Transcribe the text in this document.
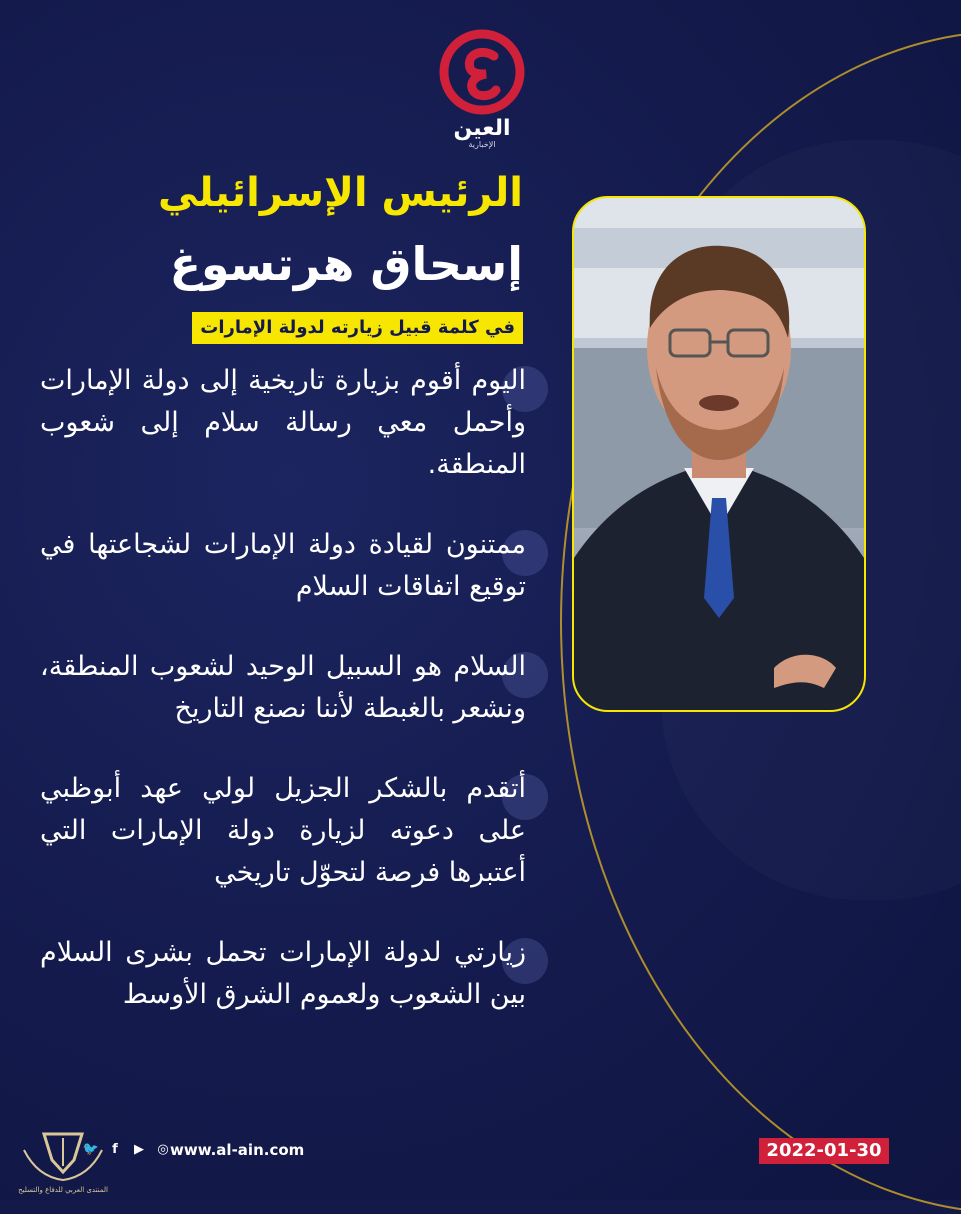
العين
الإخبارية
الرئيس الإسرائيلي
إسحاق هرتسوغ
في كلمة قبيل زيارته لدولة الإمارات
اليوم أقوم بزيارة تاريخية إلى دولة الإمارات وأحمل معي رسالة سلام إلى شعوب المنطقة.
ممتنون لقيادة دولة الإمارات لشجاعتها في توقيع اتفاقات السلام
السلام هو السبيل الوحيد لشعوب المنطقة، ونشعر بالغبطة لأننا نصنع التاريخ
أتقدم بالشكر الجزيل لولي عهد أبوظبي على دعوته لزيارة دولة الإمارات التي أعتبرها فرصة لتحوّل تاريخي
زيارتي لدولة الإمارات تحمل بشرى السلام بين الشعوب ولعموم الشرق الأوسط
🐦	f	▶	◎ www.al-ain.com	2022-01-30
المنتدى العربي للدفاع والتسليح
